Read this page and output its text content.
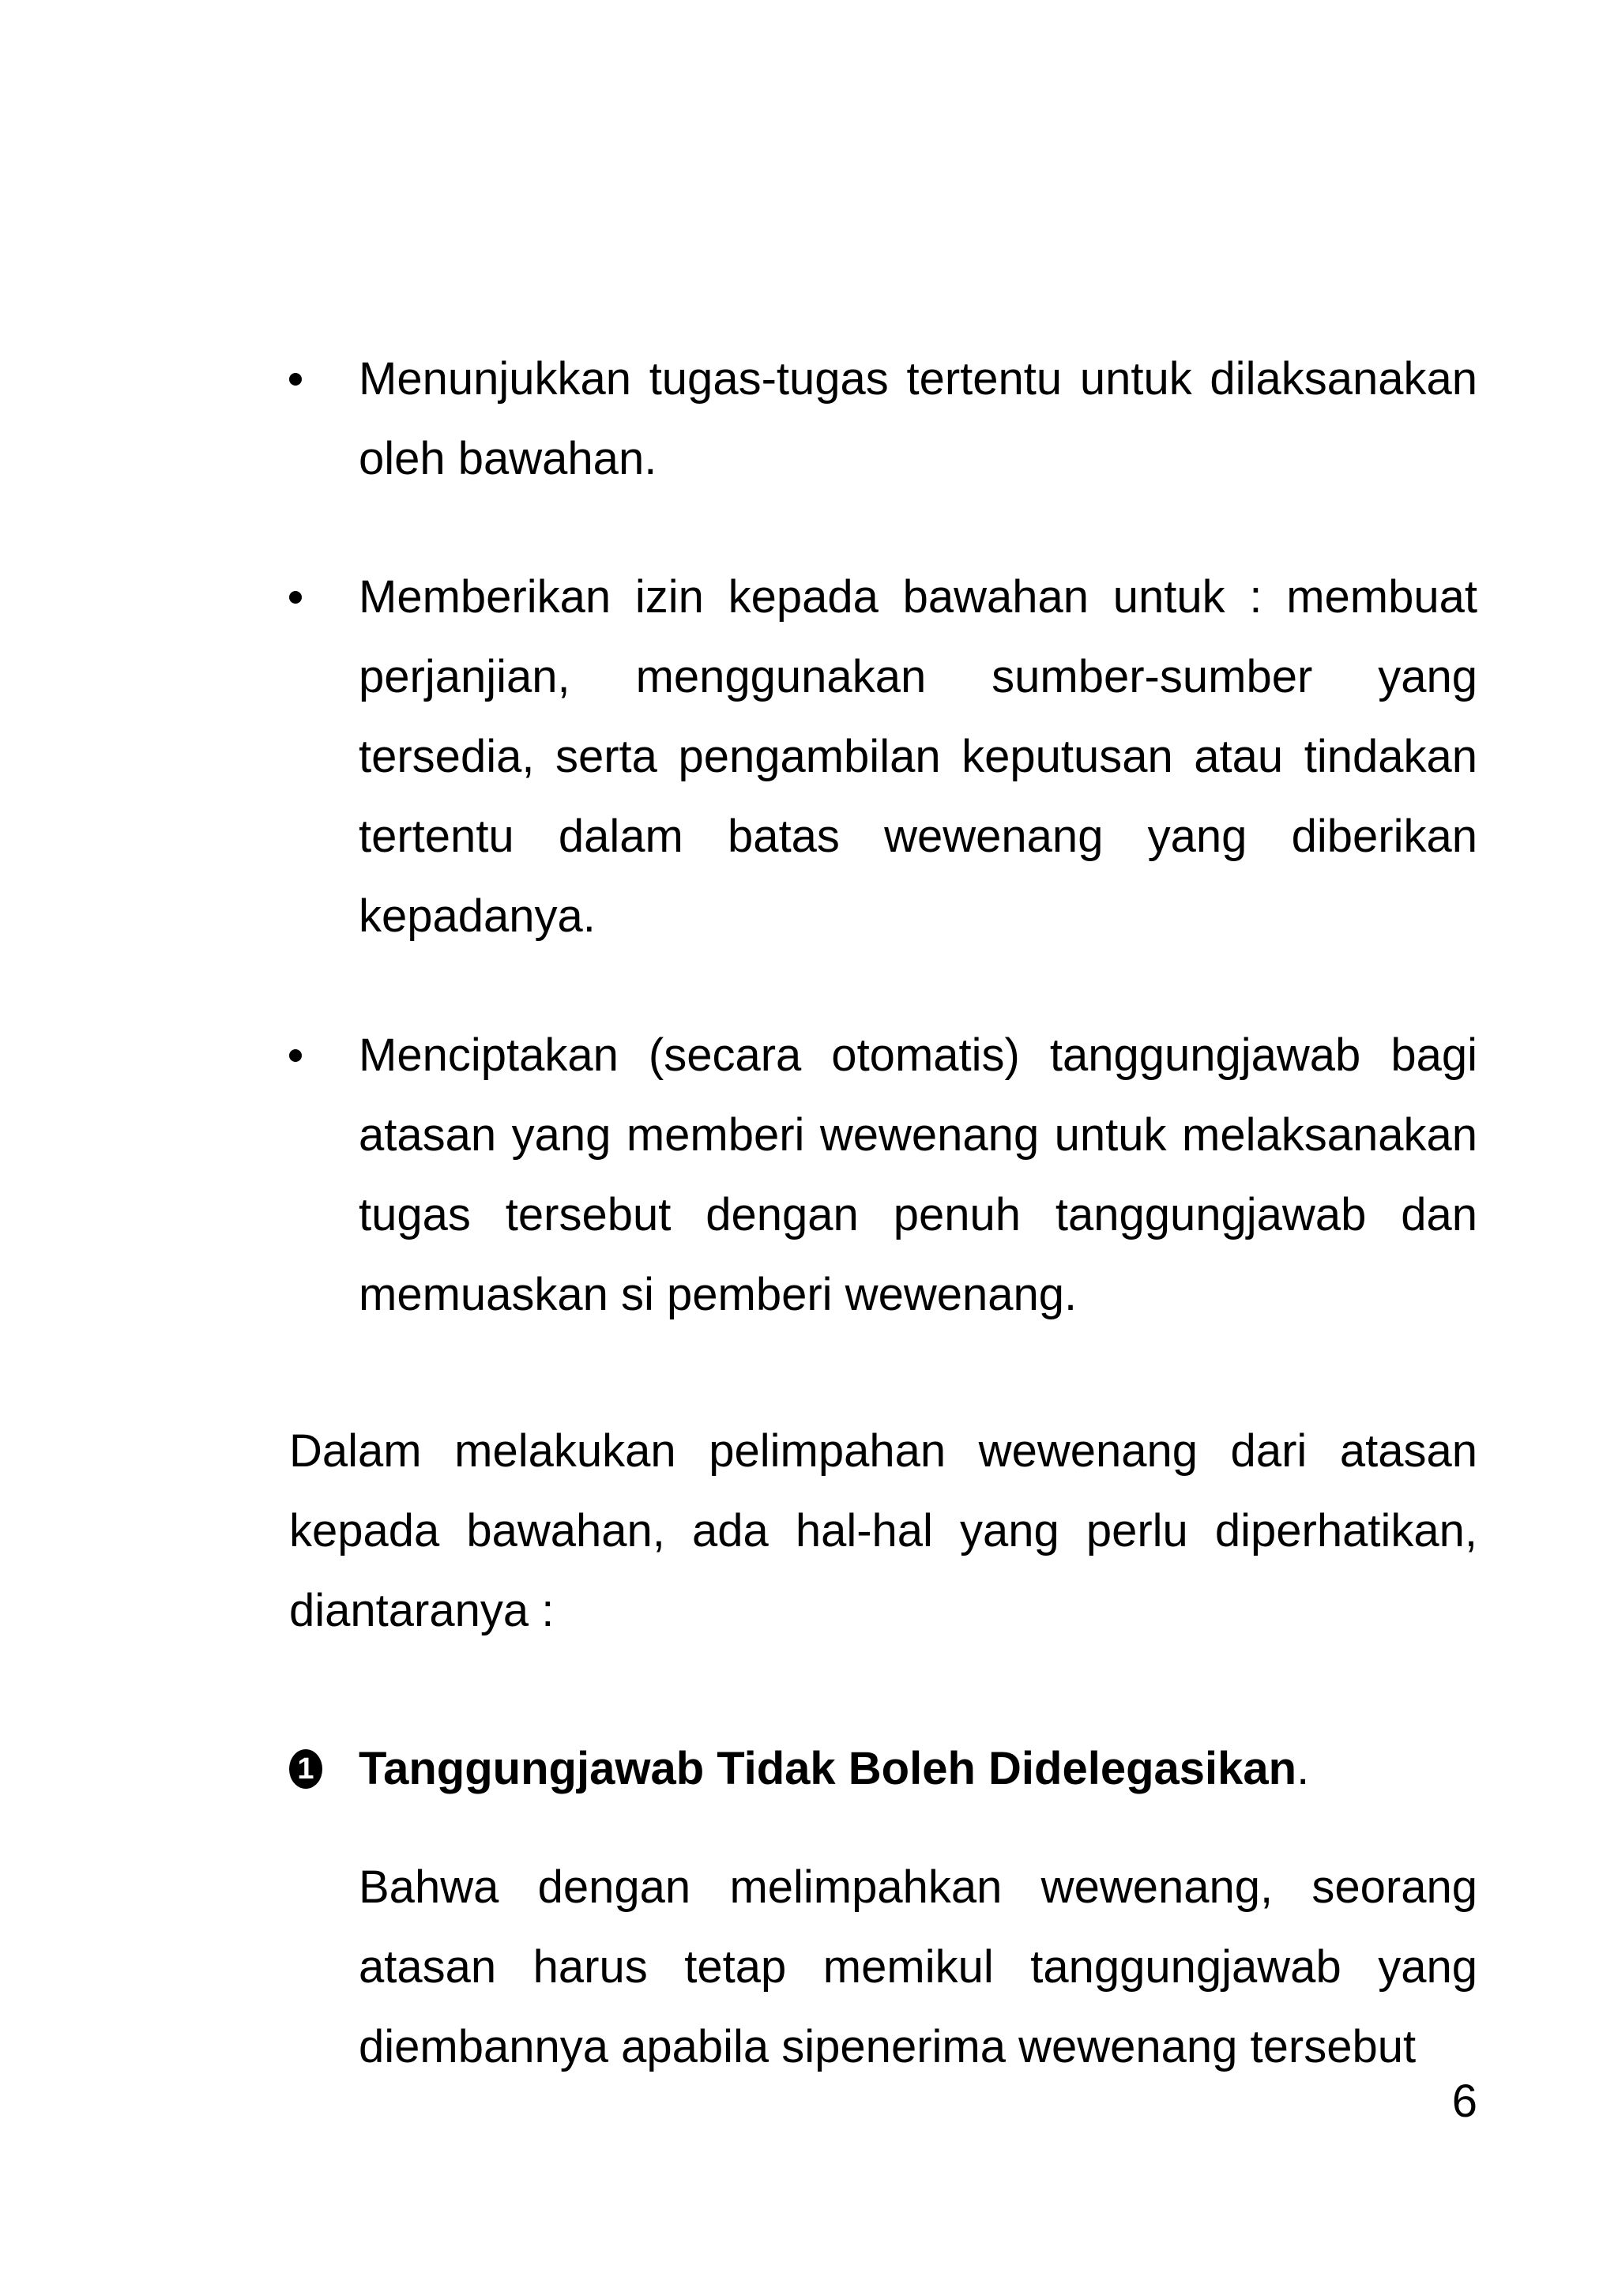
Menunjukkan tugas-tugas tertentu untuk dilaksanakan oleh bawahan.

Memberikan izin kepada bawahan untuk : membuat perjanjian, menggunakan sumber-sumber yang tersedia, serta pengambilan keputusan atau tindakan tertentu dalam batas wewenang yang diberikan kepadanya.

Menciptakan (secara otomatis) tanggungjawab bagi atasan yang memberi wewenang untuk melaksanakan tugas tersebut dengan penuh tanggungjawab dan memuaskan si pemberi wewenang.

Dalam melakukan pelimpahan wewenang dari atasan kepada bawahan, ada hal-hal yang perlu diperhatikan, diantaranya :

1 Tanggungjawab Tidak Boleh Didelegasikan.

Bahwa dengan melimpahkan wewenang, seorang atasan harus tetap memikul tanggungjawab yang diembannya apabila sipenerima wewenang tersebut

6
